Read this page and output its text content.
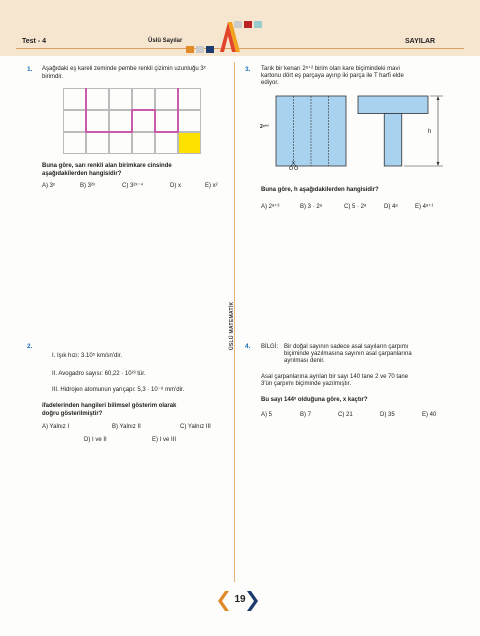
Test - 4	Üslü Sayılar	SAYILAR
ÜSLÜ MATEMATİK
1. Aşağıdaki eş kareli zeminde pembe renkli çizimin uzunluğu 3ˣ birimdir.
Buna göre, sarı renkli alan birimkare cinsinde
aşağıdakilerden hangisidir?
A) 3ˣ	B) 3²ˣ	C) 3²ˣ⁻⁴	D) x	E) x²
2.
I. Işık hızı: 3.10⁵ km/sn'dir.
II. Avogadro sayısı: 60,22 · 10²³ tür.
III. Hidrojen atomunun yarıçapı: 5,3 · 10⁻⁸ mm'dir.
ifadelerinden hangileri bilimsel gösterim olarak
doğru gösterilmiştir?
A) Yalnız I	B) Yalnız II	C) Yalnız III
D) I ve II	E) I ve III
3. Tarık bir kenarı 2ᵃ⁺² birim olan kare biçimindeki mavi
kartonu dört eş parçaya ayırıp iki parça ile T harfi elde
ediyor.
2ᵃ⁺²
h
Buna göre, h aşağıdakilerden hangisidir?
A) 2ᵃ⁺³	B) 3 · 2ᵃ	C) 5 · 2ᵃ	D) 4ᵃ	E) 4ᵃ⁺¹
4. BİLGİ: Bir doğal sayının sadece asal sayıların çarpımı
biçiminde yazılmasına sayının asal çarpanlarına
ayrılması denir.
Asal çarpanlarına ayrılan bir sayı 140 tane 2 ve 70 tane
3'ün çarpımı biçiminde yazılmıştır.
Bu sayı 144ˣ olduğuna göre, x kaçtır?
A) 5	B) 7	C) 21	D) 35	E) 40
19
